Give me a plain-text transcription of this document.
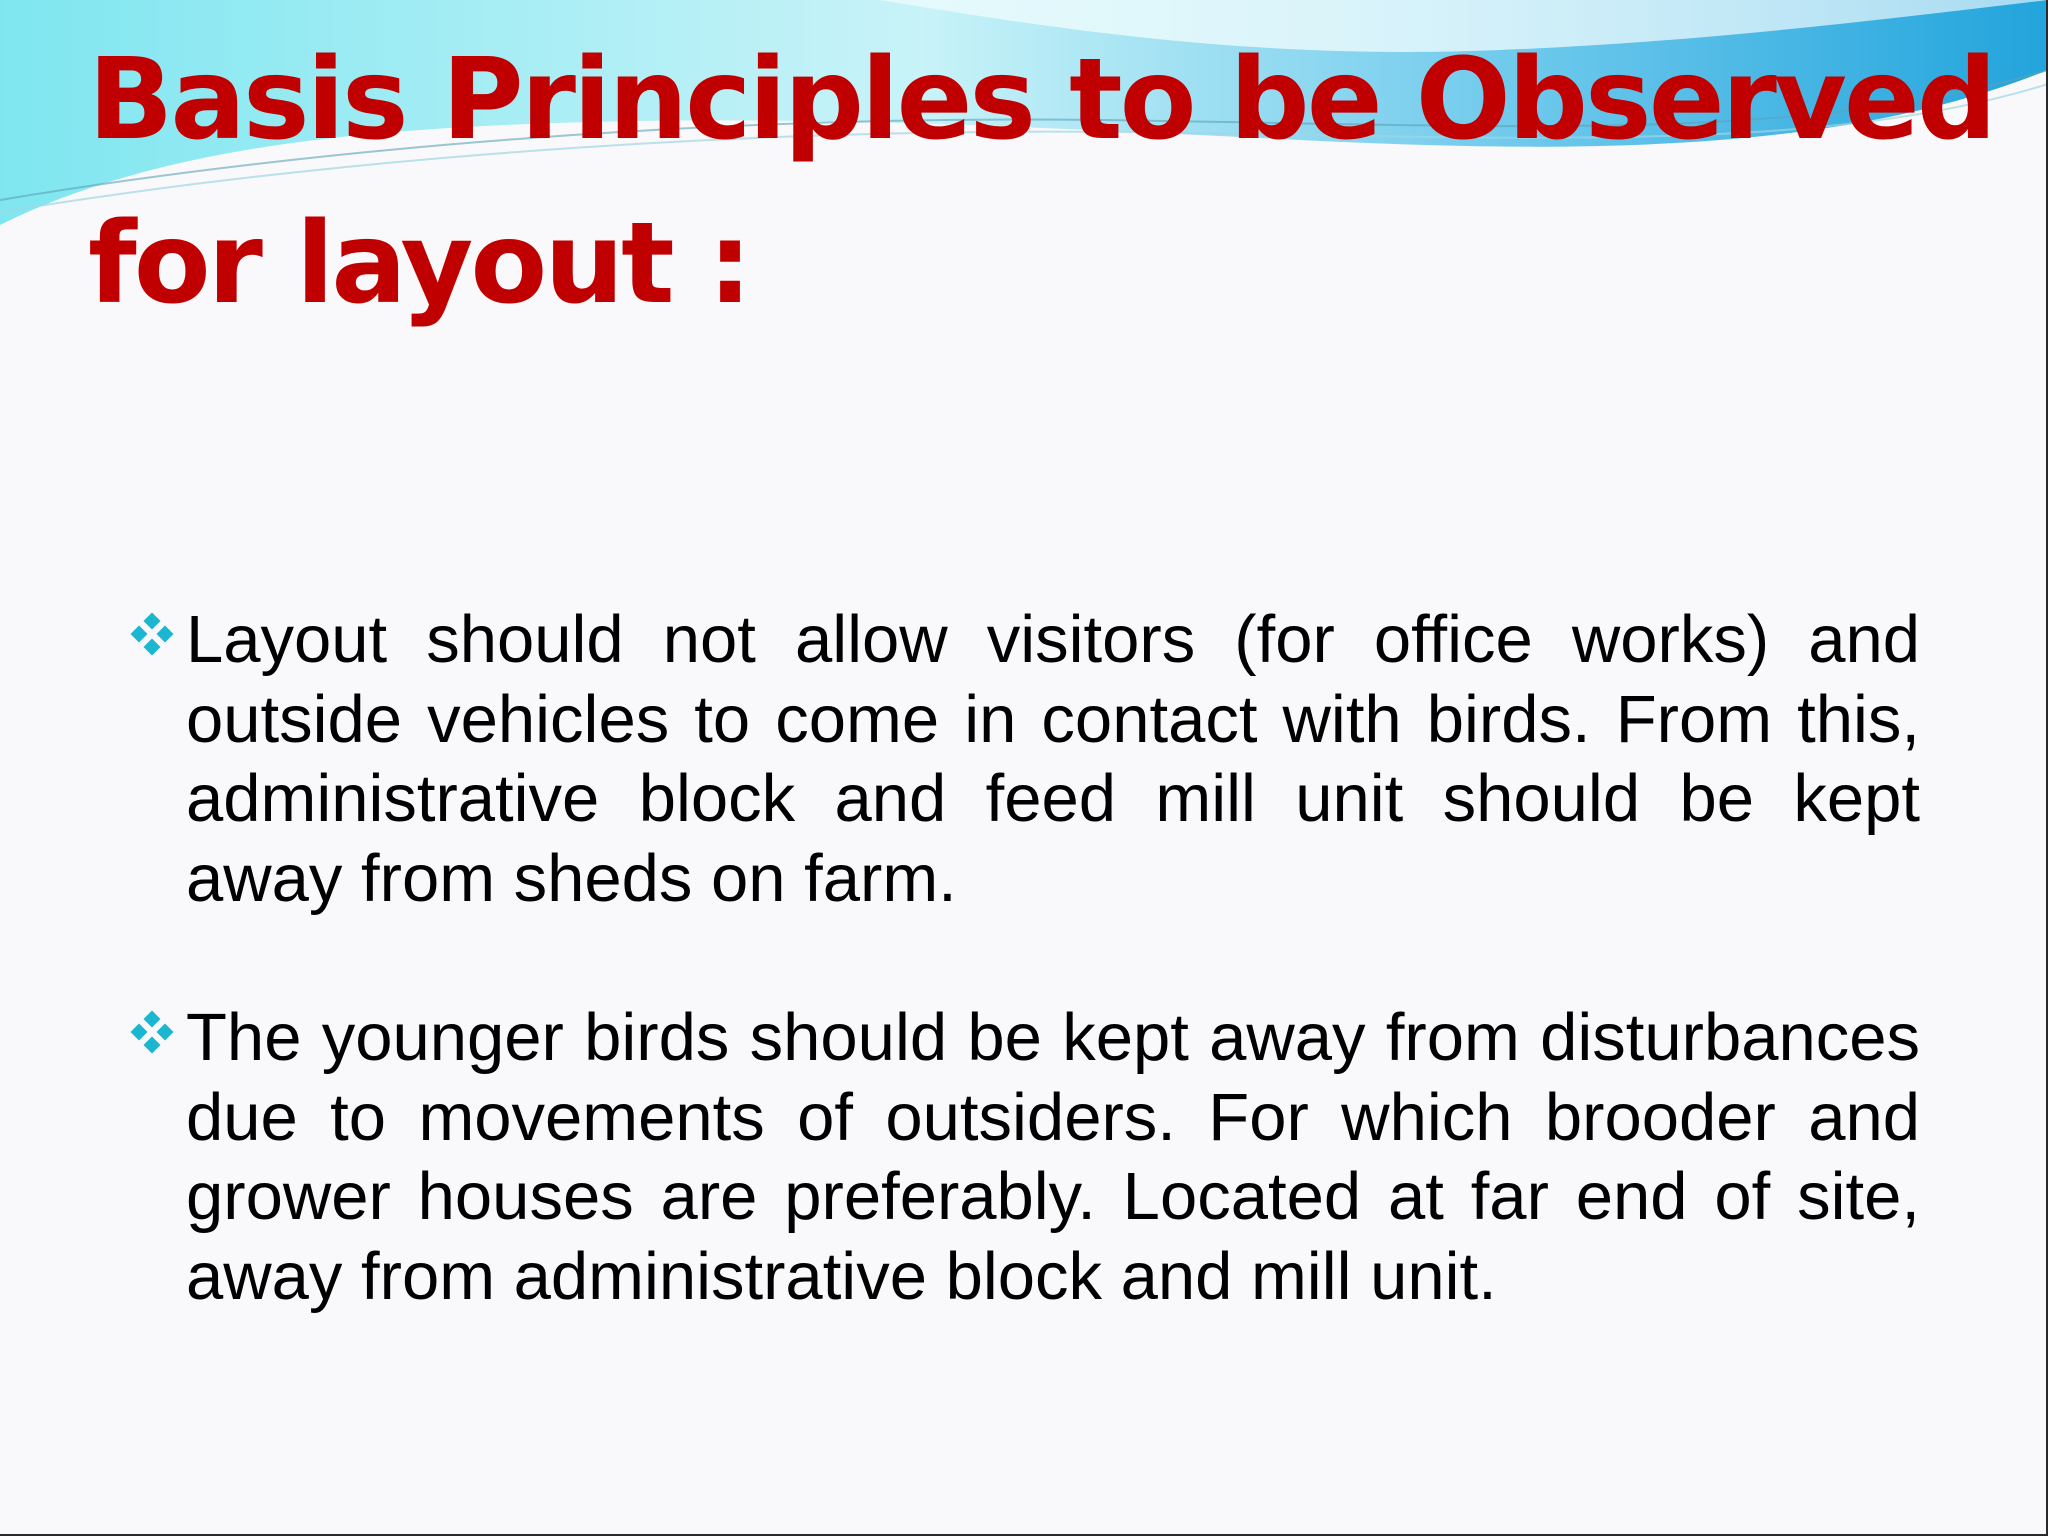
Basis Principles to be Observed
for layout :
Layout should not allow visitors (for office works) and outside vehicles to come in contact with birds. From this, administrative block and feed mill unit should be kept away from sheds on farm.
The younger birds should be kept away from disturbances due to movements of outsiders. For which brooder and grower houses are preferably. Located at far end of site, away from administrative block and mill unit.
